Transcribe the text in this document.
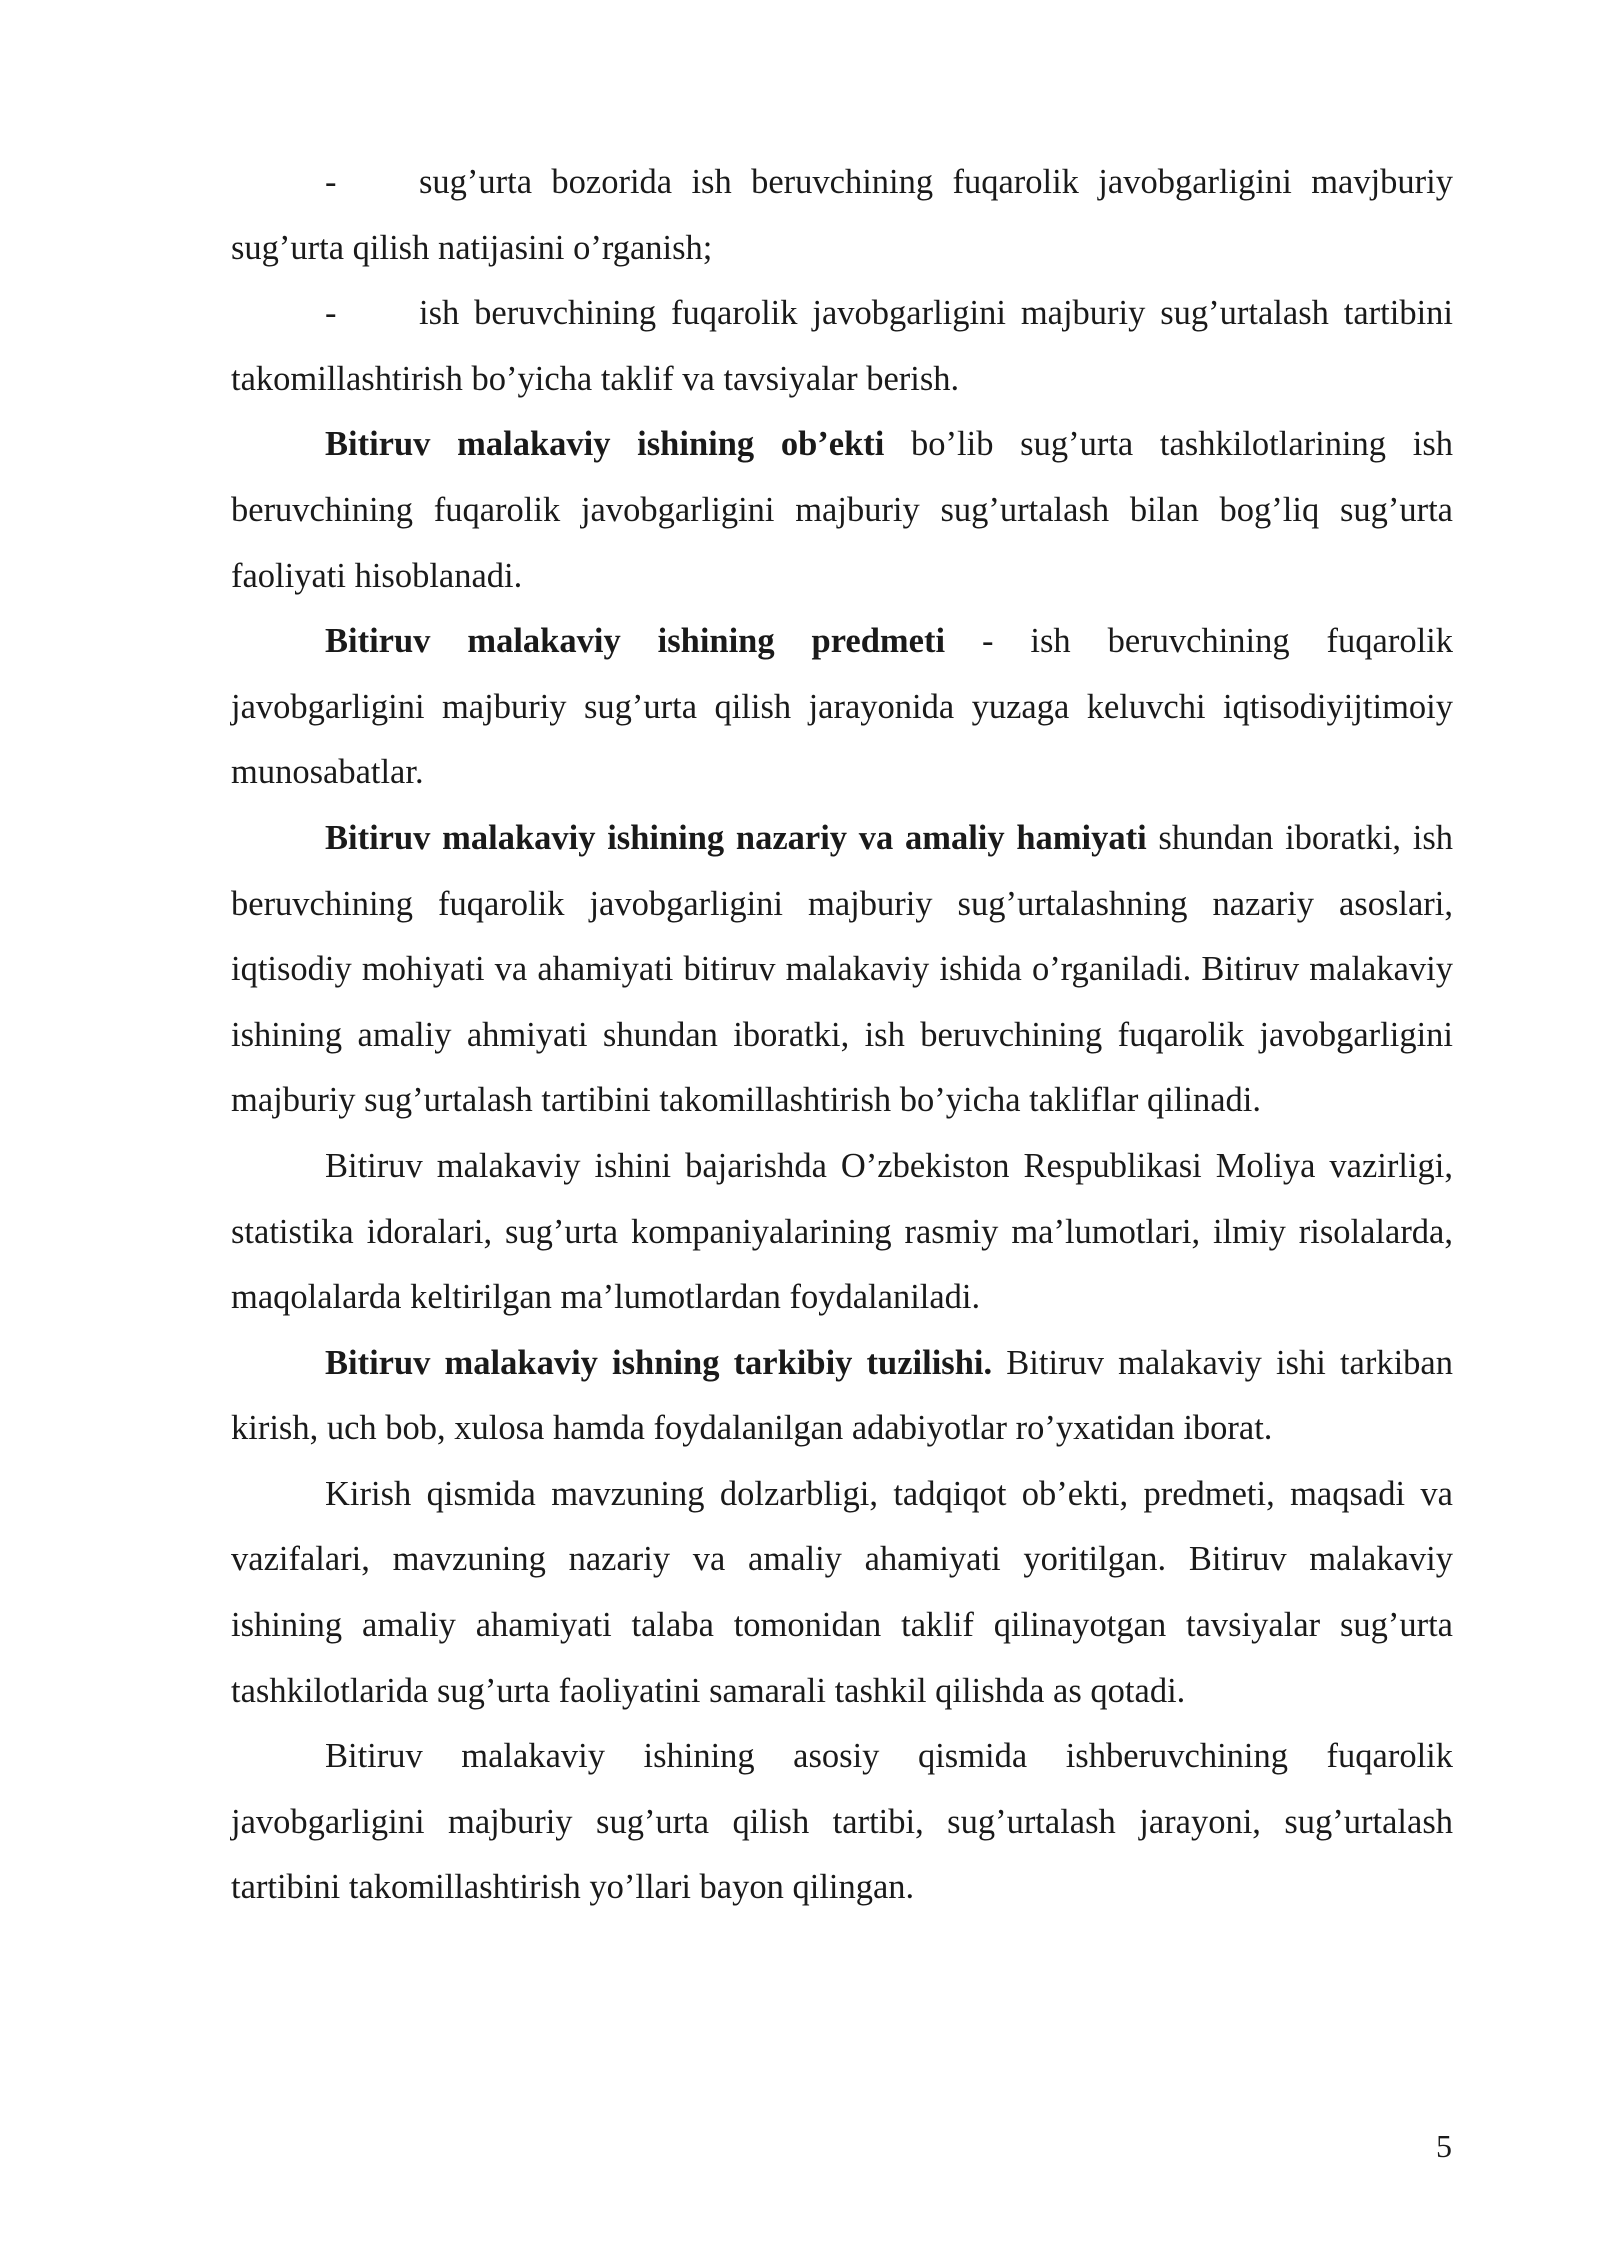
- sug’urta bozorida ish beruvchining fuqarolik javobgarligini mavjburiy sug’urta qilish natijasini o’rganish;

- ish beruvchining fuqarolik javobgarligini majburiy sug’urtalash tartibini takomillashtirish bo’yicha taklif va tavsiyalar berish.

Bitiruv malakaviy ishining ob’ekti bo’lib sug’urta tashkilotlarining ish beruvchining fuqarolik javobgarligini majburiy sug’urtalash bilan bog’liq sug’urta faoliyati hisoblanadi.

Bitiruv malakaviy ishining predmeti - ish beruvchining fuqarolik javobgarligini majburiy sug’urta qilish jarayonida yuzaga keluvchi iqtisodiyijtimoiy munosabatlar.

Bitiruv malakaviy ishining nazariy va amaliy hamiyati shundan iboratki, ish beruvchining fuqarolik javobgarligini majburiy sug’urtalashning nazariy asoslari, iqtisodiy mohiyati va ahamiyati bitiruv malakaviy ishida o’rganiladi. Bitiruv malakaviy ishining amaliy ahmiyati shundan iboratki, ish beruvchining fuqarolik javobgarligini majburiy sug’urtalash tartibini takomillashtirish bo’yicha takliflar qilinadi.

Bitiruv malakaviy ishini bajarishda O’zbekiston Respublikasi Moliya vazirligi, statistika idoralari, sug’urta kompaniyalarining rasmiy ma’lumotlari, ilmiy risolalarda, maqolalarda keltirilgan ma’lumotlardan foydalaniladi.

Bitiruv malakaviy ishning tarkibiy tuzilishi. Bitiruv malakaviy ishi tarkiban kirish, uch bob, xulosa hamda foydalanilgan adabiyotlar ro’yxatidan iborat.

Kirish qismida mavzuning dolzarbligi, tadqiqot ob’ekti, predmeti, maqsadi va vazifalari, mavzuning nazariy va amaliy ahamiyati yoritilgan. Bitiruv malakaviy ishining amaliy ahamiyati talaba tomonidan taklif qilinayotgan tavsiyalar sug’urta tashkilotlarida sug’urta faoliyatini samarali tashkil qilishda as qotadi.

Bitiruv malakaviy ishining asosiy qismida ishberuvchining fuqarolik javobgarligini majburiy sug’urta qilish tartibi, sug’urtalash jarayoni, sug’urtalash tartibini takomillashtirish yo’llari bayon qilingan.

5
